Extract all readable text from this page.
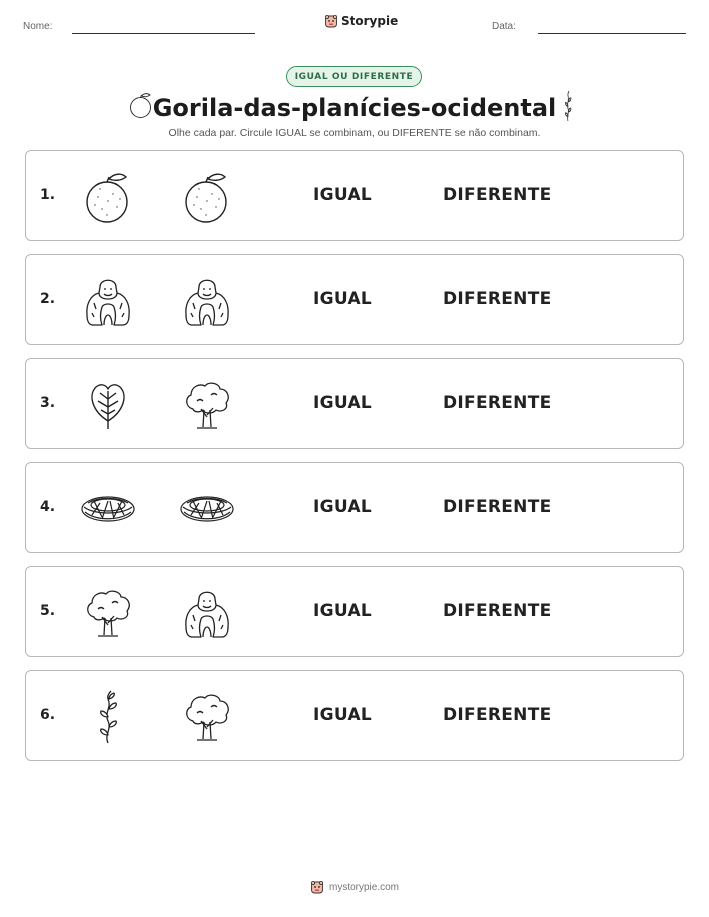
Nome:	Storypie	Data:
IGUAL OU DIFERENTE
Gorila-das-planícies-ocidental
Olhe cada par. Circule IGUAL se combinam, ou DIFERENTE se não combinam.
1.	IGUAL	DIFERENTE
2.	IGUAL	DIFERENTE
3.	IGUAL	DIFERENTE
4.	IGUAL	DIFERENTE
5.	IGUAL	DIFERENTE
6.	IGUAL	DIFERENTE
mystorypie.com
